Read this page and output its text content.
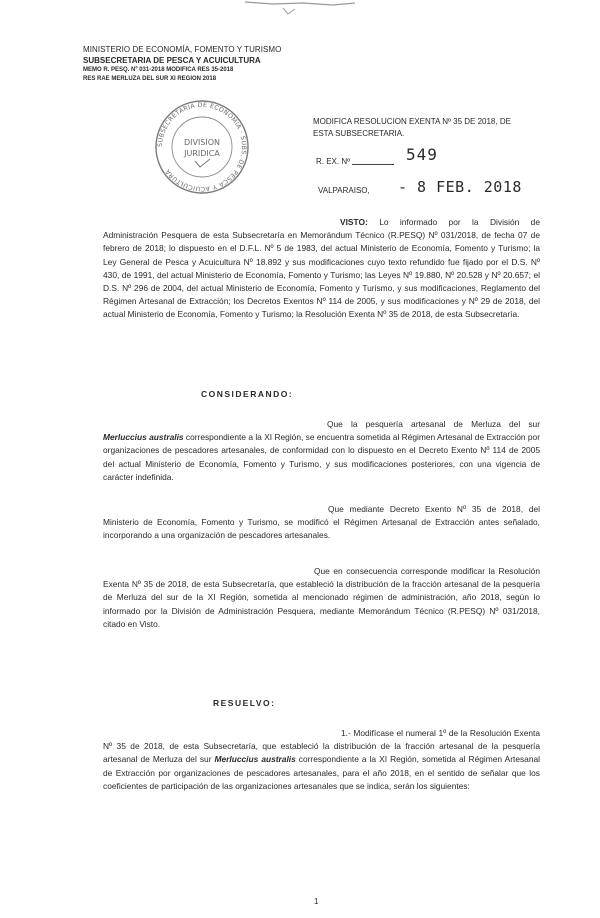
MINISTERIO DE ECONOMÍA, FOMENTO Y TURISMO
SUBSECRETARIA DE PESCA Y ACUICULTURA
MEMO R. PESQ. Nº 031-2018 MODIFICA RES 35-2018
RES RAE MERLUZA DEL SUR XI REGION 2018
SUBSECRETARIA DE ECONOMIA · SUBS. DE PESCA Y ACUICULTURA
DIVISION
JURIDICA
MODIFICA RESOLUCION EXENTA Nº 35 DE 2018, DE
ESTA SUBSECRETARIA.
R. EX. Nº	549
VALPARAISO, - 8 FEB. 2018
VISTO: Lo informado por la División de Administración Pesquera de esta Subsecretaría en Memorándum Técnico (R.PESQ) Nº 031/2018, de fecha 07 de febrero de 2018; lo dispuesto en el D.F.L. Nº 5 de 1983, del actual Ministerio de Economía, Fomento y Turismo; la Ley General de Pesca y Acuicultura Nº 18.892 y sus modificaciones cuyo texto refundido fue fijado por el D.S. Nº 430, de 1991, del actual Ministerio de Economía, Fomento y Turismo; las Leyes Nº 19.880, Nº 20.528 y Nº 20.657; el D.S. Nº 296 de 2004, del actual Ministerio de Economía, Fomento y Turismo, y sus modificaciones, Reglamento del Régimen Artesanal de Extracción; los Decretos Exentos Nº 114 de 2005, y sus modificaciones y Nº 29 de 2018, del actual Ministerio de Economía, Fomento y Turismo; la Resolución Exenta Nº 35 de 2018, de esta Subsecretaría.
CONSIDERANDO:
Que la pesquería artesanal de Merluza del sur Merluccius australis correspondiente a la XI Región, se encuentra sometida al Régimen Artesanal de Extracción por organizaciones de pescadores artesanales, de conformidad con lo dispuesto en el Decreto Exento Nº 114 de 2005 del actual Ministerio de Economía, Fomento y Turismo, y sus modificaciones posteriores, con una vigencia de carácter indefinida.
Que mediante Decreto Exento Nº 35 de 2018, del Ministerio de Economía, Fomento y Turismo, se modificó el Régimen Artesanal de Extracción antes señalado, incorporando a una organización de pescadores artesanales.
Que en consecuencia corresponde modificar la Resolución Exenta Nº 35 de 2018, de esta Subsecretaría, que estableció la distribución de la fracción artesanal de la pesquería de Merluza del sur de la XI Región, sometida al mencionado régimen de administración, año 2018, según lo informado por la División de Administración Pesquera, mediante Memorándum Técnico (R.PESQ) Nº 031/2018, citado en Visto.
RESUELVO:
1.- Modifícase el numeral 1º de la Resolución Exenta Nº 35 de 2018, de esta Subsecretaría, que estableció la distribución de la fracción artesanal de la pesquería artesanal de Merluza del sur Merluccius australis correspondiente a la XI Región, sometida al Régimen Artesanal de Extracción por organizaciones de pescadores artesanales, para el año 2018, en el sentido de señalar que los coeficientes de participación de las organizaciones artesanales que se indica, serán los siguientes:
1
